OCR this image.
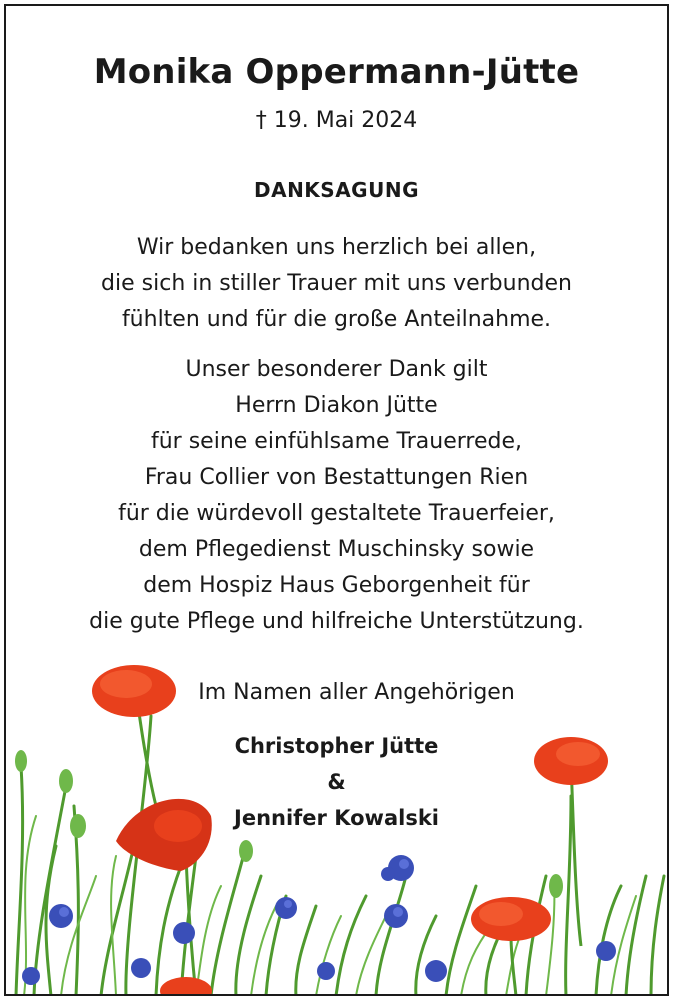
Monika Oppermann-Jütte
† 19. Mai 2024
DANKSAGUNG

Wir bedanken uns herzlich bei allen,

die sich in stiller Trauer mit uns verbunden

fühlten und für die große Anteilnahme.

Unser besonderer Dank gilt

Herrn Diakon Jütte

für seine einfühlsame Trauerrede,

Frau Collier von Bestattungen Rien

für die würdevoll gestaltete Trauerfeier,

dem Pflegedienst Muschinsky sowie

dem Hospiz Haus Geborgenheit für

die gute Pflege und hilfreiche Unterstützung.

Im Namen aller Angehörigen

Christopher Jütte

&

Jennifer Kowalski
